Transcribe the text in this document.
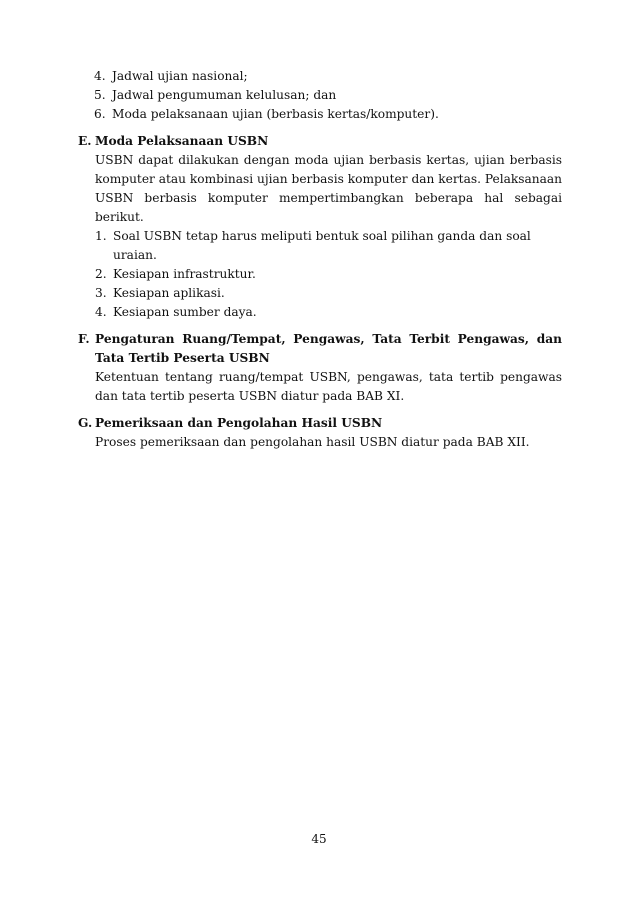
4. Jadwal ujian nasional;
5. Jadwal pengumuman kelulusan; dan
6. Moda pelaksanaan ujian (berbasis kertas/komputer).
E. Moda Pelaksanaan USBN

USBN dapat dilakukan dengan moda ujian berbasis kertas, ujian berbasis komputer atau kombinasi ujian berbasis komputer dan kertas. Pelaksanaan USBN berbasis komputer mempertimbangkan beberapa hal sebagai berikut.

1. Soal USBN tetap harus meliputi bentuk soal pilihan ganda dan soal uraian.
2. Kesiapan infrastruktur.
3. Kesiapan aplikasi.
4. Kesiapan sumber daya.
F. Pengaturan Ruang/Tempat, Pengawas, Tata Terbit Pengawas, dan Tata Tertib Peserta USBN

Ketentuan tentang ruang/tempat USBN, pengawas, tata tertib pengawas dan tata tertib peserta USBN diatur pada BAB XI.

G. Pemeriksaan dan Pengolahan Hasil USBN

Proses pemeriksaan dan pengolahan hasil USBN diatur pada BAB XII.

45
